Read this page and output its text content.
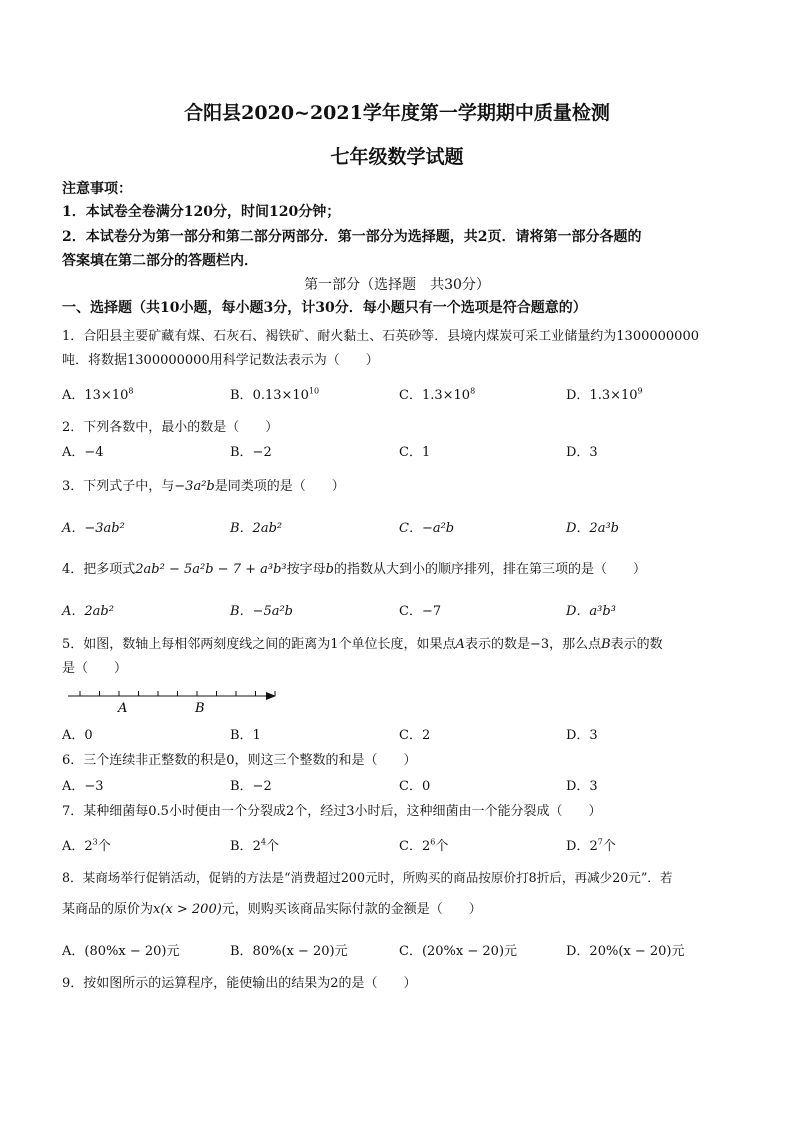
合阳县2020~2021学年度第一学期期中质量检测
七年级数学试题
注意事项：
1．本试卷全卷满分120分，时间120分钟；
2．本试卷分为第一部分和第二部分两部分．第一部分为选择题，共2页．请将第一部分各题的
答案填在第二部分的答题栏内．
第一部分（选择题　共30分）
一、选择题（共10小题，每小题3分，计30分．每小题只有一个选项是符合题意的）
1．合阳县主要矿藏有煤、石灰石、褐铁矿、耐火黏土、石英砂等．县境内煤炭可采工业储量约为1300000000
吨．将数据1300000000用科学记数法表示为（　　）
A．$13\times 10^8$	B．$0.13\times 10^{10}$	C．$1.3\times 10^8$	D．$1.3\times 10^9$
2．下列各数中，最小的数是（　　）
A．−4	B．−2	C．1	D．3
3．下列式子中，与−3a²b是同类项的是（　　）
A．−3ab²	B．2ab²	C．−a²b	D．2a³b
4．把多项式2ab² − 5a²b − 7 + a³b³按字母b的指数从大到小的顺序排列，排在第三项的是（　　）
A．2ab²	B．−5a²b	C．−7	D．a³b³
5．如图，数轴上每相邻两刻度线之间的距离为1个单位长度，如果点A表示的数是−3，那么点B表示的数
是（　　）
A	B
A．0	B．1	C．2	D．3
6．三个连续非正整数的积是0，则这三个整数的和是（　　）
A．−3	B．−2	C．0	D．3
7．某种细菌每0.5小时便由一个分裂成2个，经过3小时后，这种细菌由一个能分裂成（　　）
A．$2^3$个	B．$2^4$个	C．$2^6$个	D．$2^7$个
8．某商场举行促销活动，促销的方法是“消费超过200元时，所购买的商品按原价打8折后，再减少20元”．若
某商品的原价为x(x > 200)元，则购买该商品实际付款的金额是（　　）
A．(80%x − 20)元	B．80%(x − 20)元	C．(20%x − 20)元	D．20%(x − 20)元
9．按如图所示的运算程序，能使输出的结果为2的是（　　）
